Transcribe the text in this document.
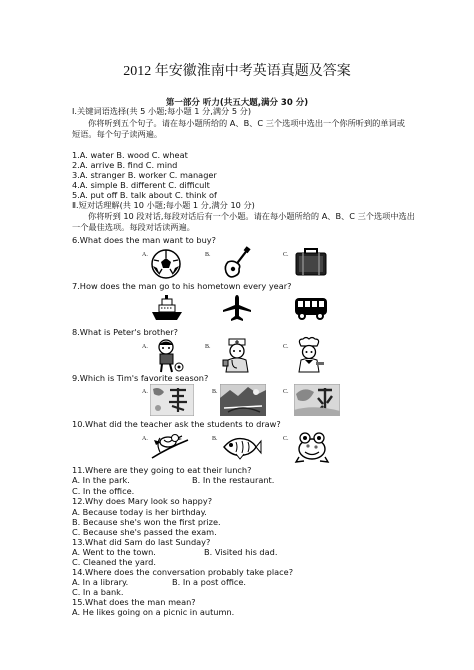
2012 年安徽淮南中考英语真题及答案
第一部分 听力(共五大题,满分 30 分)
Ⅰ.关键词语选择(共 5 小题;每小题 1 分,满分 5 分)
你将听到五个句子。请在每小题所给的 A、B、C 三个选项中选出一个你所听到的单词或
短语。每个句子读两遍。
1.A. water B. wood C. wheat
2.A. arrive B. find C. mind
3.A. stranger B. worker C. manager
4.A. simple B. different C. difficult
5.A. put off B. talk about C. think of
Ⅱ.短对话理解(共 10 小题;每小题 1 分,满分 10 分)
你将听到 10 段对话,每段对话后有一个小题。请在每小题所给的 A、B、C 三个选项中选出
一个最佳选项。每段对话读两遍。
6.What does the man want to buy?
A.	B.	C.
7.How does the man go to his hometown every year?
8.What is Peter's brother?
A.	B.	C.
9.Which is Tim's favorite season?
A.	B.	C.
10.What did the teacher ask the students to draw?
A.	B.	C.
11.Where are they going to eat their lunch?
A. In the park.	B. In the restaurant.
C. In the office.
12.Why does Mary look so happy?
A. Because today is her birthday.
B. Because she's won the first prize.
C. Because she's passed the exam.
13.What did Sam do last Sunday?
A. Went to the town.	B. Visited his dad.
C. Cleaned the yard.
14.Where does the conversation probably take place?
A. In a library.	B. In a post office.
C. In a bank.
15.What does the man mean?
A. He likes going on a picnic in autumn.
